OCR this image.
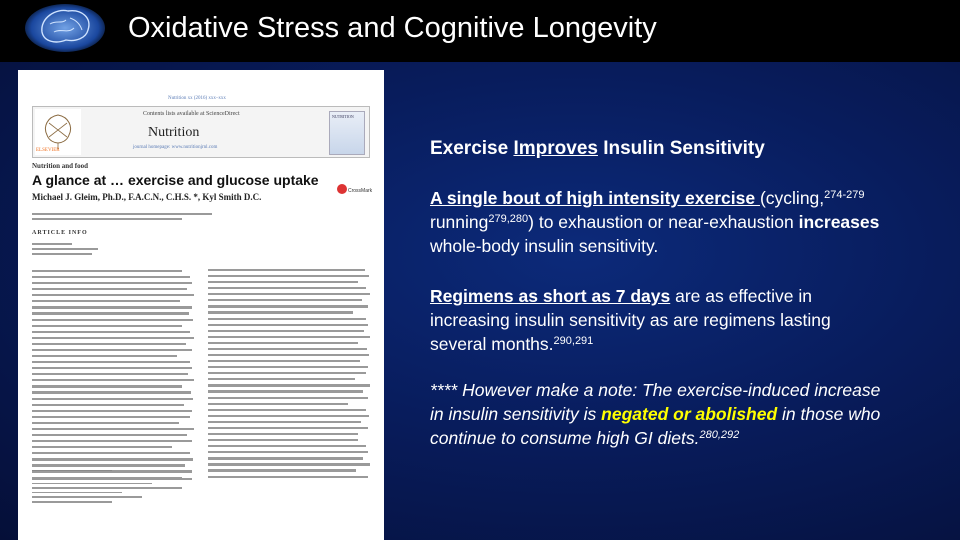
Oxidative Stress and Cognitive Longevity
Nutrition xx (2016) xxx–xxx
ELSEVIER
Contents lists available at ScienceDirect
Nutrition
journal homepage: www.nutritionjrnl.com
NUTRITION
Nutrition and food
A glance at … exercise and glucose uptake
Michael J. Gleim, Ph.D., F.A.C.N., C.H.S. *, Kyl Smith D.C.
CrossMark
ARTICLE INFO
Exercise Improves Insulin Sensitivity
A single bout of high intensity exercise (cycling,$^{274-279}$ running$^{279,280}$) to exhaustion or near-exhaustion increases whole-body insulin sensitivity.
Regimens as short as 7 days are as effective in increasing insulin sensitivity as are regimens lasting several months.$^{290,291}$
**** However make a note: The exercise-induced increase in insulin sensitivity is negated or abolished in those who continue to consume high GI diets.$^{280,292}$
